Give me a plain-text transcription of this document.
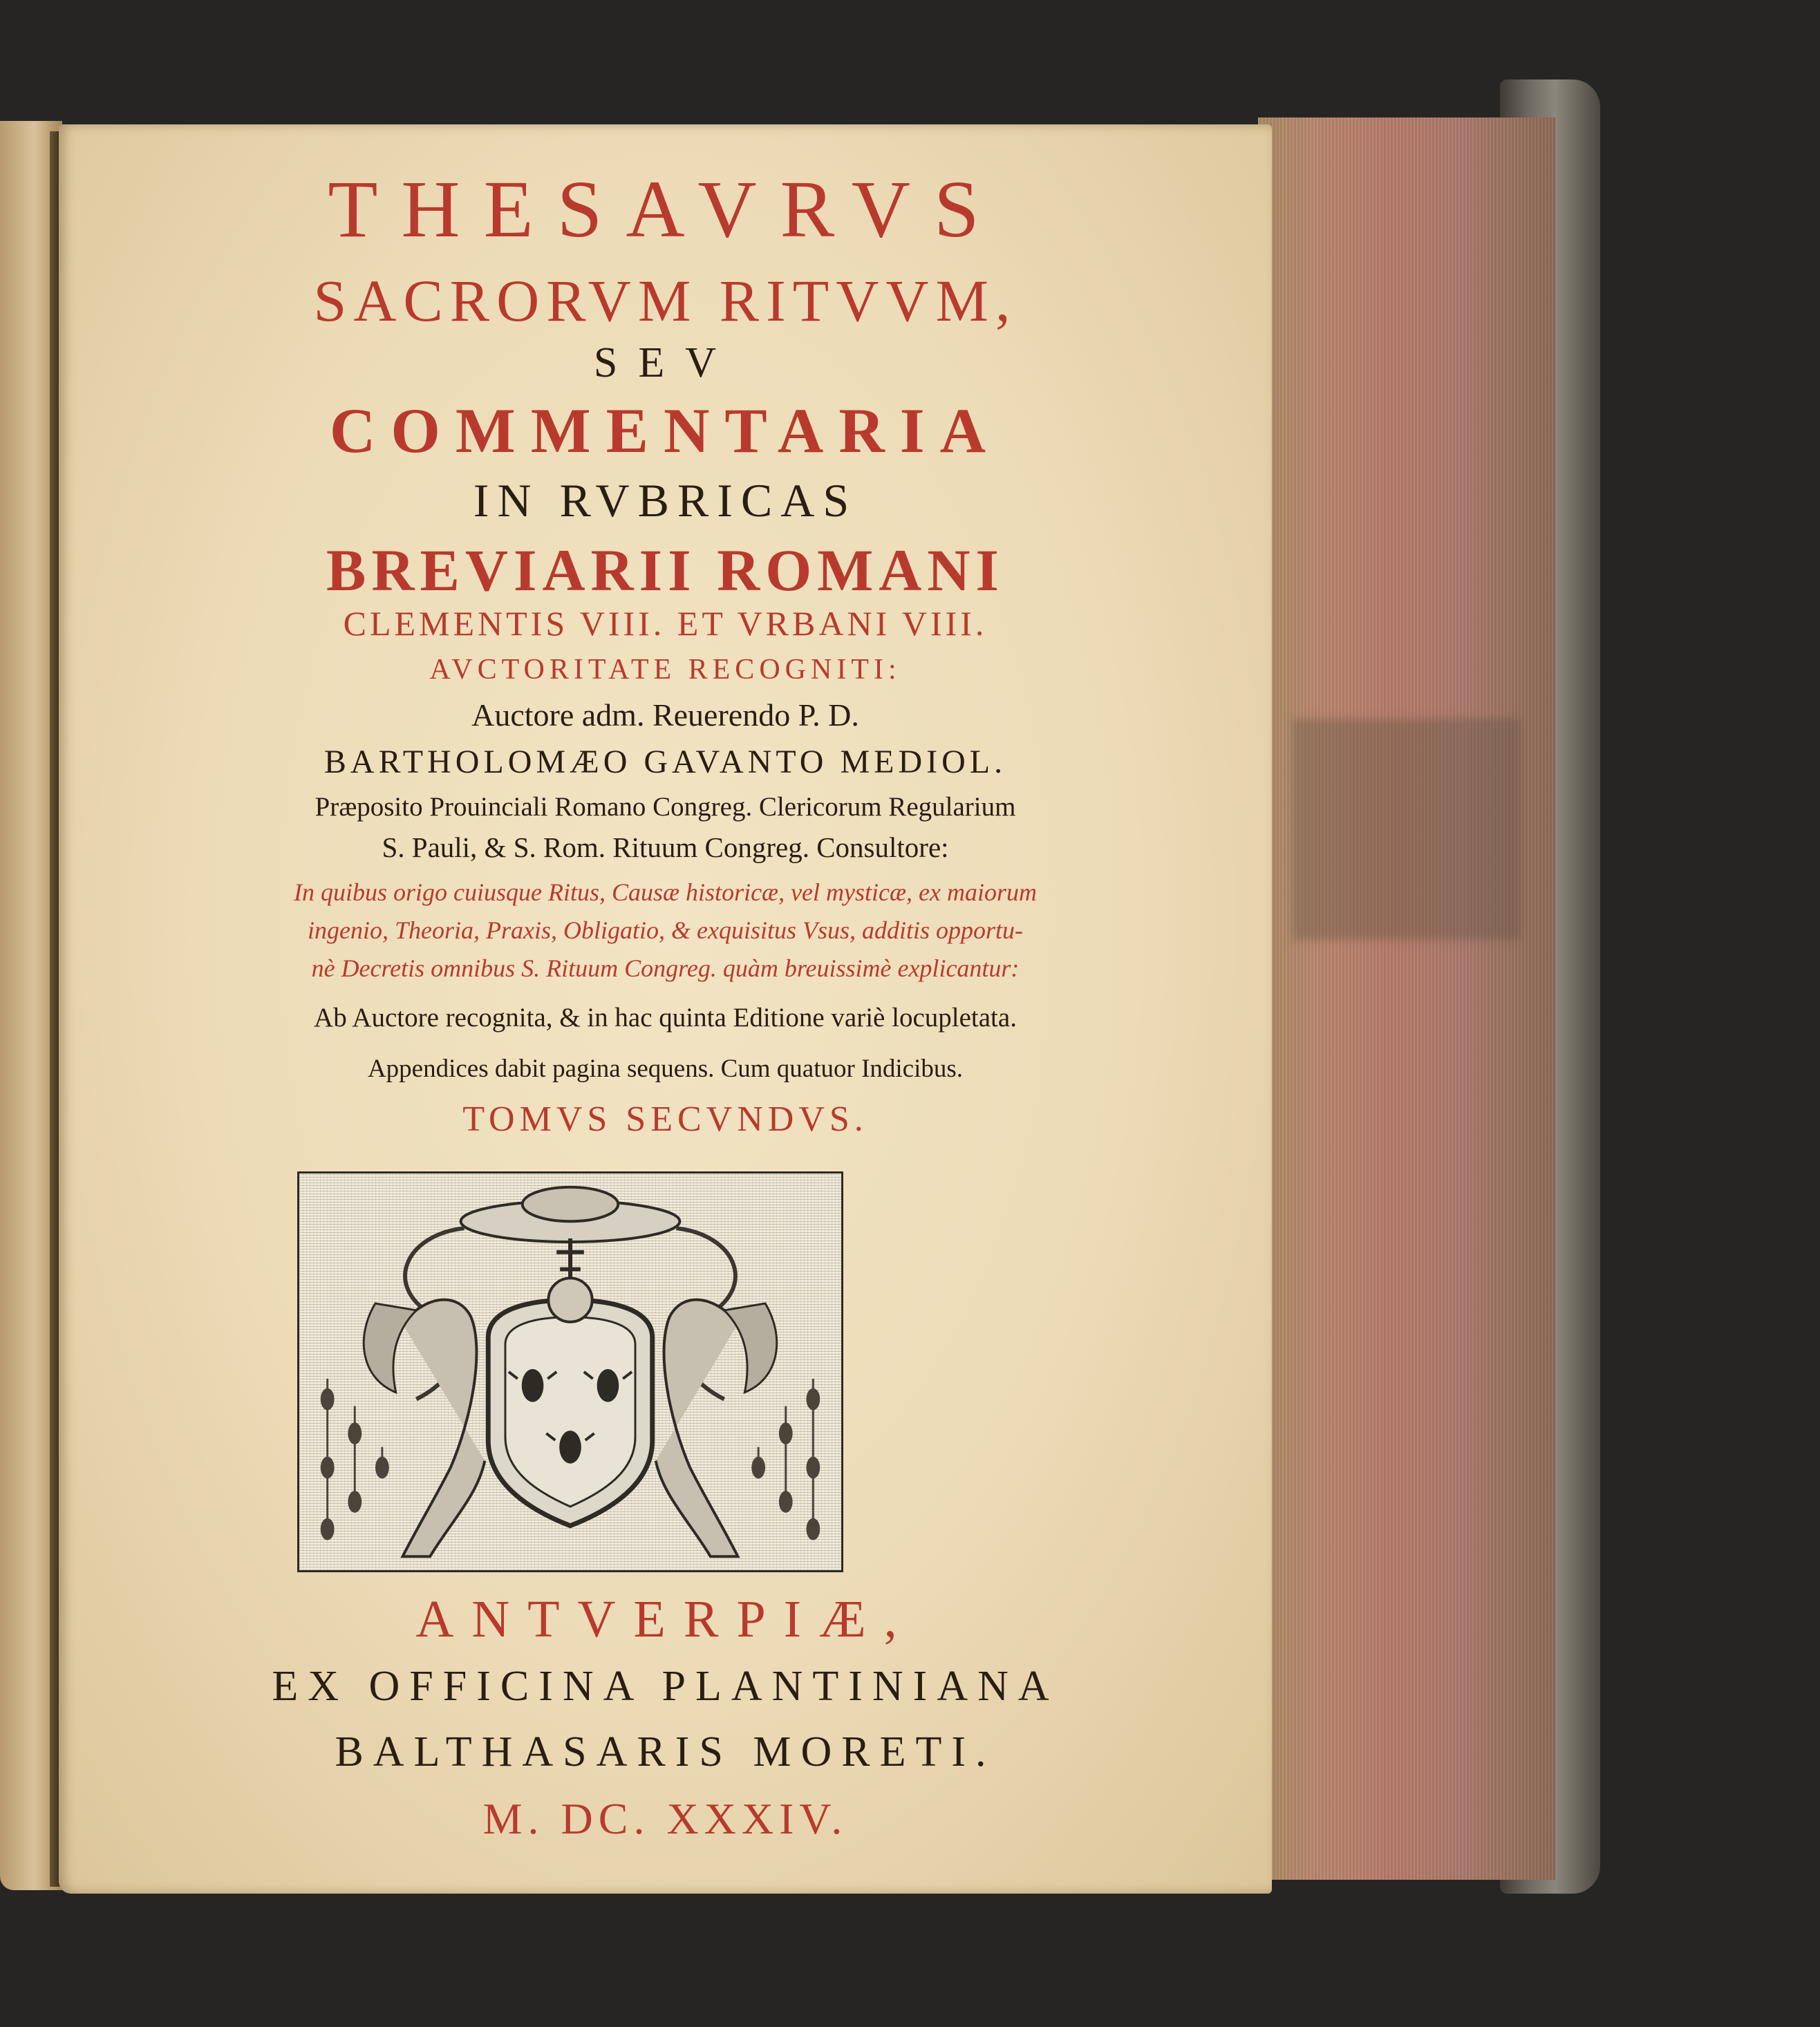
THESAVRVS

SACRORVM RITVVM,

SEV

COMMENTARIA

IN RVBRICAS

BREVIARII ROMANI

CLEMENTIS VIII. ET VRBANI VIII.

AVCTORITATE RECOGNITI:

Auctore adm. Reuerendo P. D.

BARTHOLOMÆO GAVANTO MEDIOL.

Præposito Prouinciali Romano Congreg. Clericorum Regularium

S. Pauli, & S. Rom. Rituum Congreg. Consultore:

In quibus origo cuiusque Ritus, Causæ historicæ, vel mysticæ, ex maiorum

ingenio, Theoria, Praxis, Obligatio, & exquisitus Vsus, additis opportu-

nè Decretis omnibus S. Rituum Congreg. quàm breuissimè explicantur:

Ab Auctore recognita, & in hac quinta Editione variè locupletata.

Appendices dabit pagina sequens. Cum quatuor Indicibus.

TOMVS SECVNDVS.

ANTVERPIÆ,

EX OFFICINA PLANTINIANA

BALTHASARIS MORETI.

M. DC. XXXIV.
